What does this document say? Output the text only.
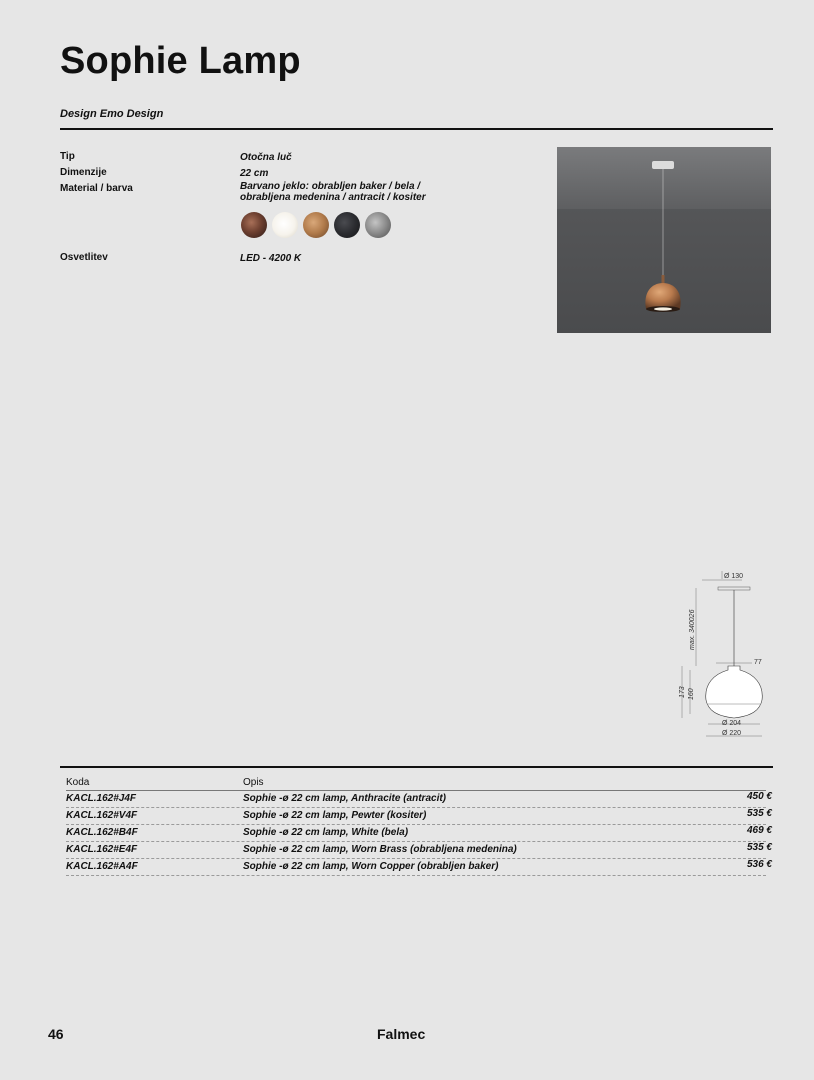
Sophie Lamp
Design Emo Design
Tip	Otočna luč
Dimenzije	22 cm
Material / barva	Barvano jeklo: obrabljen baker / bela / obrabljena medenina / antracit / kositer
Osvetlitev	LED - 4200 K
Ø 130
max. 340026
77
173 160
Ø 204
Ø 220
Koda	Opis
KACL.162#J4F	Sophie -ø 22 cm lamp, Anthracite (antracit)	450 €
KACL.162#V4F	Sophie -ø 22 cm lamp, Pewter (kositer)	535 €
KACL.162#B4F	Sophie -ø 22 cm lamp, White (bela)	469 €
KACL.162#E4F	Sophie -ø 22 cm lamp, Worn Brass (obrabljena medenina)	535 €
KACL.162#A4F	Sophie -ø 22 cm lamp, Worn Copper (obrabljen baker)	536 €
46	Falmec
